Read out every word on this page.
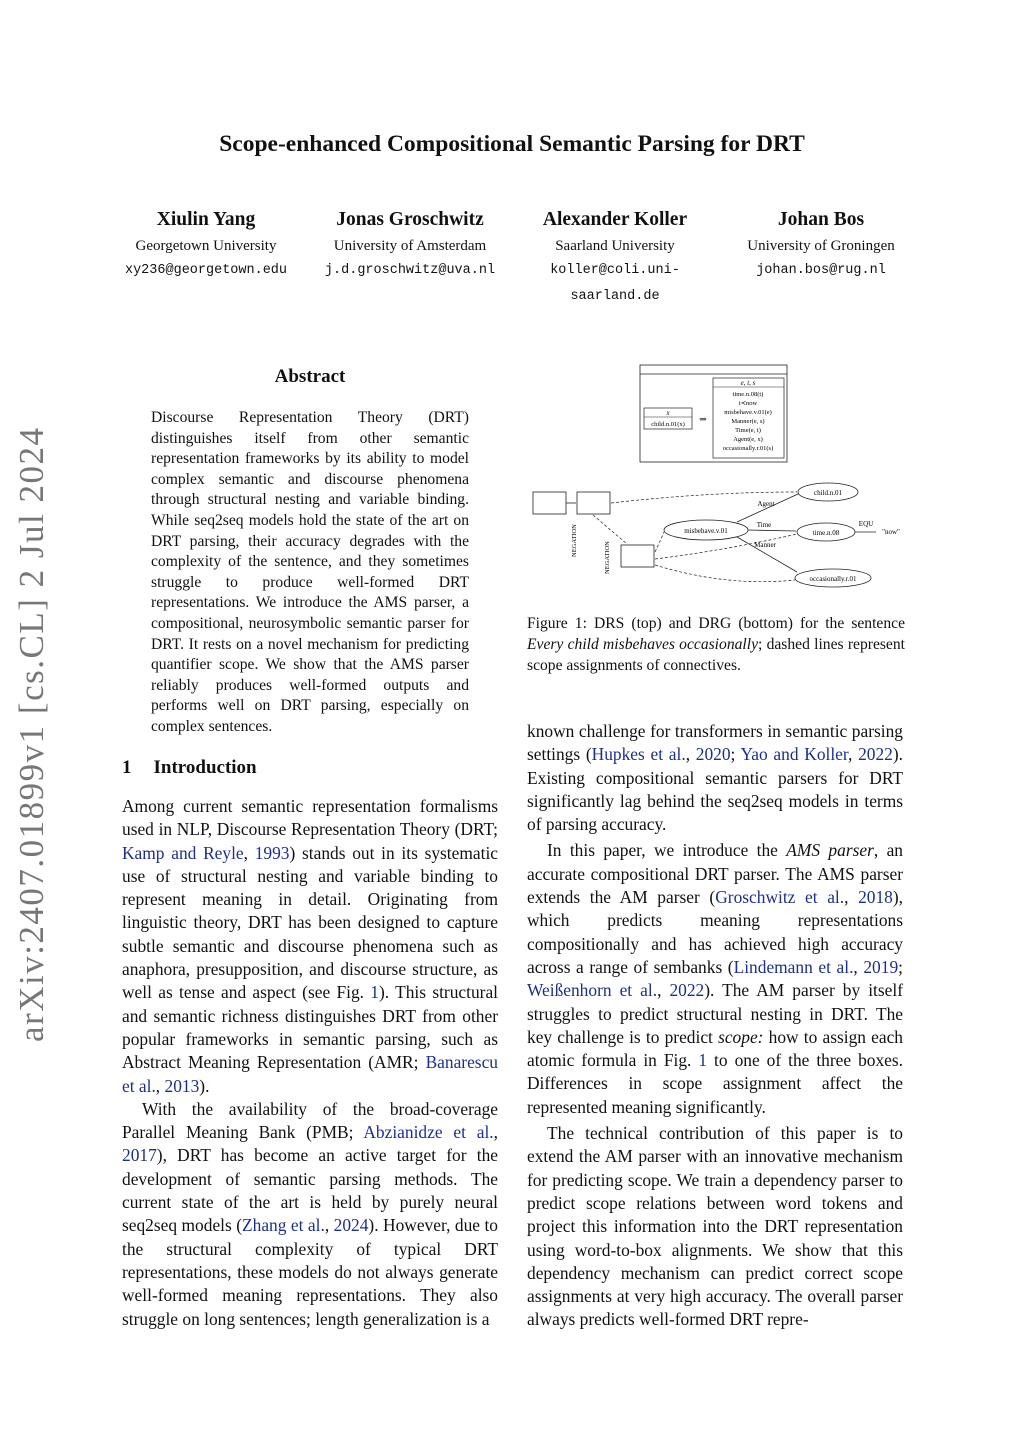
arXiv:2407.01899v1 [cs.CL] 2 Jul 2024
Scope-enhanced Compositional Semantic Parsing for DRT
Xiulin Yang
Georgetown University
xy236@georgetown.edu
Jonas Groschwitz
University of Amsterdam
j.d.groschwitz@uva.nl
Alexander Koller
Saarland University
koller@coli.uni-saarland.de
Johan Bos
University of Groningen
johan.bos@rug.nl
Abstract
Discourse Representation Theory (DRT) distinguishes itself from other semantic representation frameworks by its ability to model complex semantic and discourse phenomena through structural nesting and variable binding. While seq2seq models hold the state of the art on DRT parsing, their accuracy degrades with the complexity of the sentence, and they sometimes struggle to produce well-formed DRT representations. We introduce the AMS parser, a compositional, neurosymbolic semantic parser for DRT. It rests on a novel mechanism for predicting quantifier scope. We show that the AMS parser reliably produces well-formed outputs and performs well on DRT parsing, especially on complex sentences.
1 Introduction

Among current semantic representation formalisms used in NLP, Discourse Representation Theory (DRT; Kamp and Reyle, 1993) stands out in its systematic use of structural nesting and variable binding to represent meaning in detail. Originating from linguistic theory, DRT has been designed to capture subtle semantic and discourse phenomena such as anaphora, presupposition, and discourse structure, as well as tense and aspect (see Fig. 1). This structural and semantic richness distinguishes DRT from other popular frameworks in semantic parsing, such as Abstract Meaning Representation (AMR; Banarescu et al., 2013).

With the availability of the broad-coverage Parallel Meaning Bank (PMB; Abzianidze et al., 2017), DRT has become an active target for the development of semantic parsing methods. The current state of the art is held by purely neural seq2seq models (Zhang et al., 2024). However, due to the structural complexity of typical DRT representations, these models do not always generate well-formed meaning representations. They also struggle on long sentences; length generalization is a

x
child.n.01(x)
⇒
e, t, s
time.n.08(t)
t≺now
misbehave.v.01(e)
Manner(e, s)
Time(e, t)
Agent(e, x)
occasionally.r.01(s)
NEGATION
NEGATION
misbehave.v.01
child.n.01
time.n.08
occasionally.r.01
"now"
Agent
Time
Manner
EQU
Figure 1: DRS (top) and DRG (bottom) for the sentence Every child misbehaves occasionally; dashed lines represent scope assignments of connectives.

known challenge for transformers in semantic parsing settings (Hupkes et al., 2020; Yao and Koller, 2022). Existing compositional semantic parsers for DRT significantly lag behind the seq2seq models in terms of parsing accuracy.

In this paper, we introduce the AMS parser, an accurate compositional DRT parser. The AMS parser extends the AM parser (Groschwitz et al., 2018), which predicts meaning representations compositionally and has achieved high accuracy across a range of sembanks (Lindemann et al., 2019; Weißenhorn et al., 2022). The AM parser by itself struggles to predict structural nesting in DRT. The key challenge is to predict scope: how to assign each atomic formula in Fig. 1 to one of the three boxes. Differences in scope assignment affect the represented meaning significantly.

The technical contribution of this paper is to extend the AM parser with an innovative mechanism for predicting scope. We train a dependency parser to predict scope relations between word tokens and project this information into the DRT representation using word-to-box alignments. We show that this dependency mechanism can predict correct scope assignments at very high accuracy. The overall parser always predicts well-formed DRT repre-
